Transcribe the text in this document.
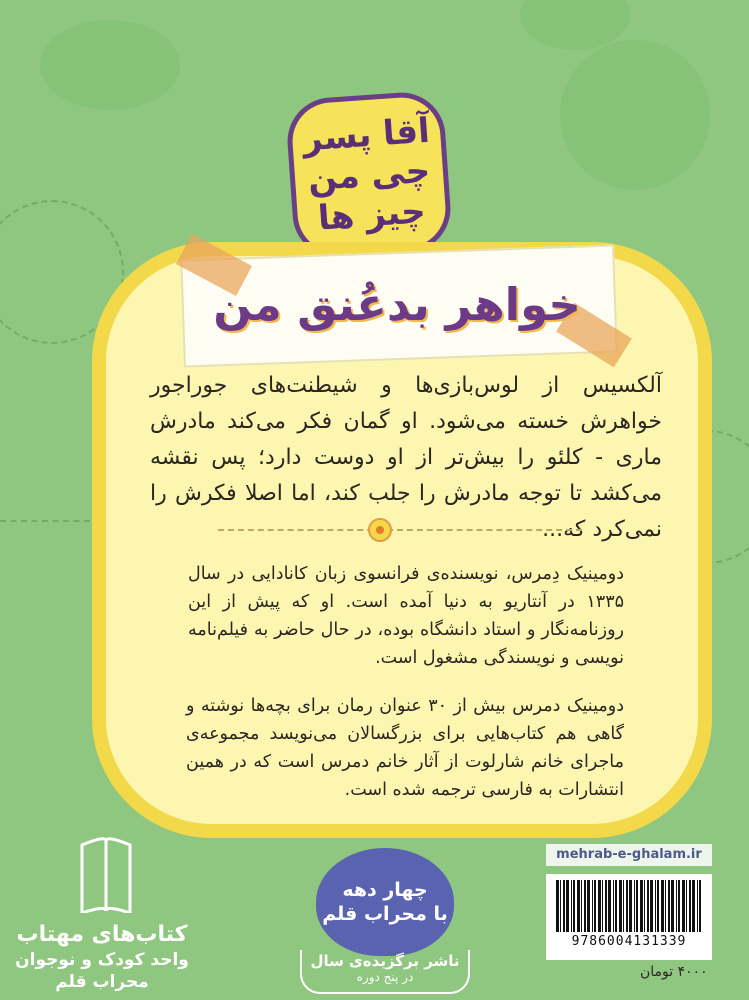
آقا پسر
چی من
چیز ها
خواهر بدعُنق من
آلکسیس از لوس‌بازی‌ها و شیطنت‌های جوراجور خواهرش خسته می‌شود. او گمان فکر می‌کند مادرش ماری - کلئو را بیش‌تر از او دوست دارد؛ پس نقشه می‌کشد تا توجه مادرش را جلب کند، اما اصلا فکرش را نمی‌کرد که...
دومینیک دِمرس، نویسنده‌ی فرانسوی زبان کانادایی در سال ۱۳۳۵ در آنتاریو به دنیا آمده است. او که پیش از این روزنامه‌نگار و استاد دانشگاه بوده، در حال حاضر به فیلم‌نامه نویسی و نویسندگی مشغول است.
دومینیک دمرس بیش از ۳۰ عنوان رمان برای بچه‌ها نوشته و گاهی هم کتاب‌هایی برای بزرگسالان می‌نویسد مجموعه‌ی ماجرای خانم شارلوت از آثار خانم دمرس است که در همین انتشارات به فارسی ترجمه شده است.
کتاب‌های مهتاب
واحد کودک و نوجوان
محراب قلم
چهار دهه
با محراب قلم
ناشر برگزیده‌ی سال
در پنج دوره
mehrab-e-ghalam.ir
9786004131339
۴۰۰۰ تومان
